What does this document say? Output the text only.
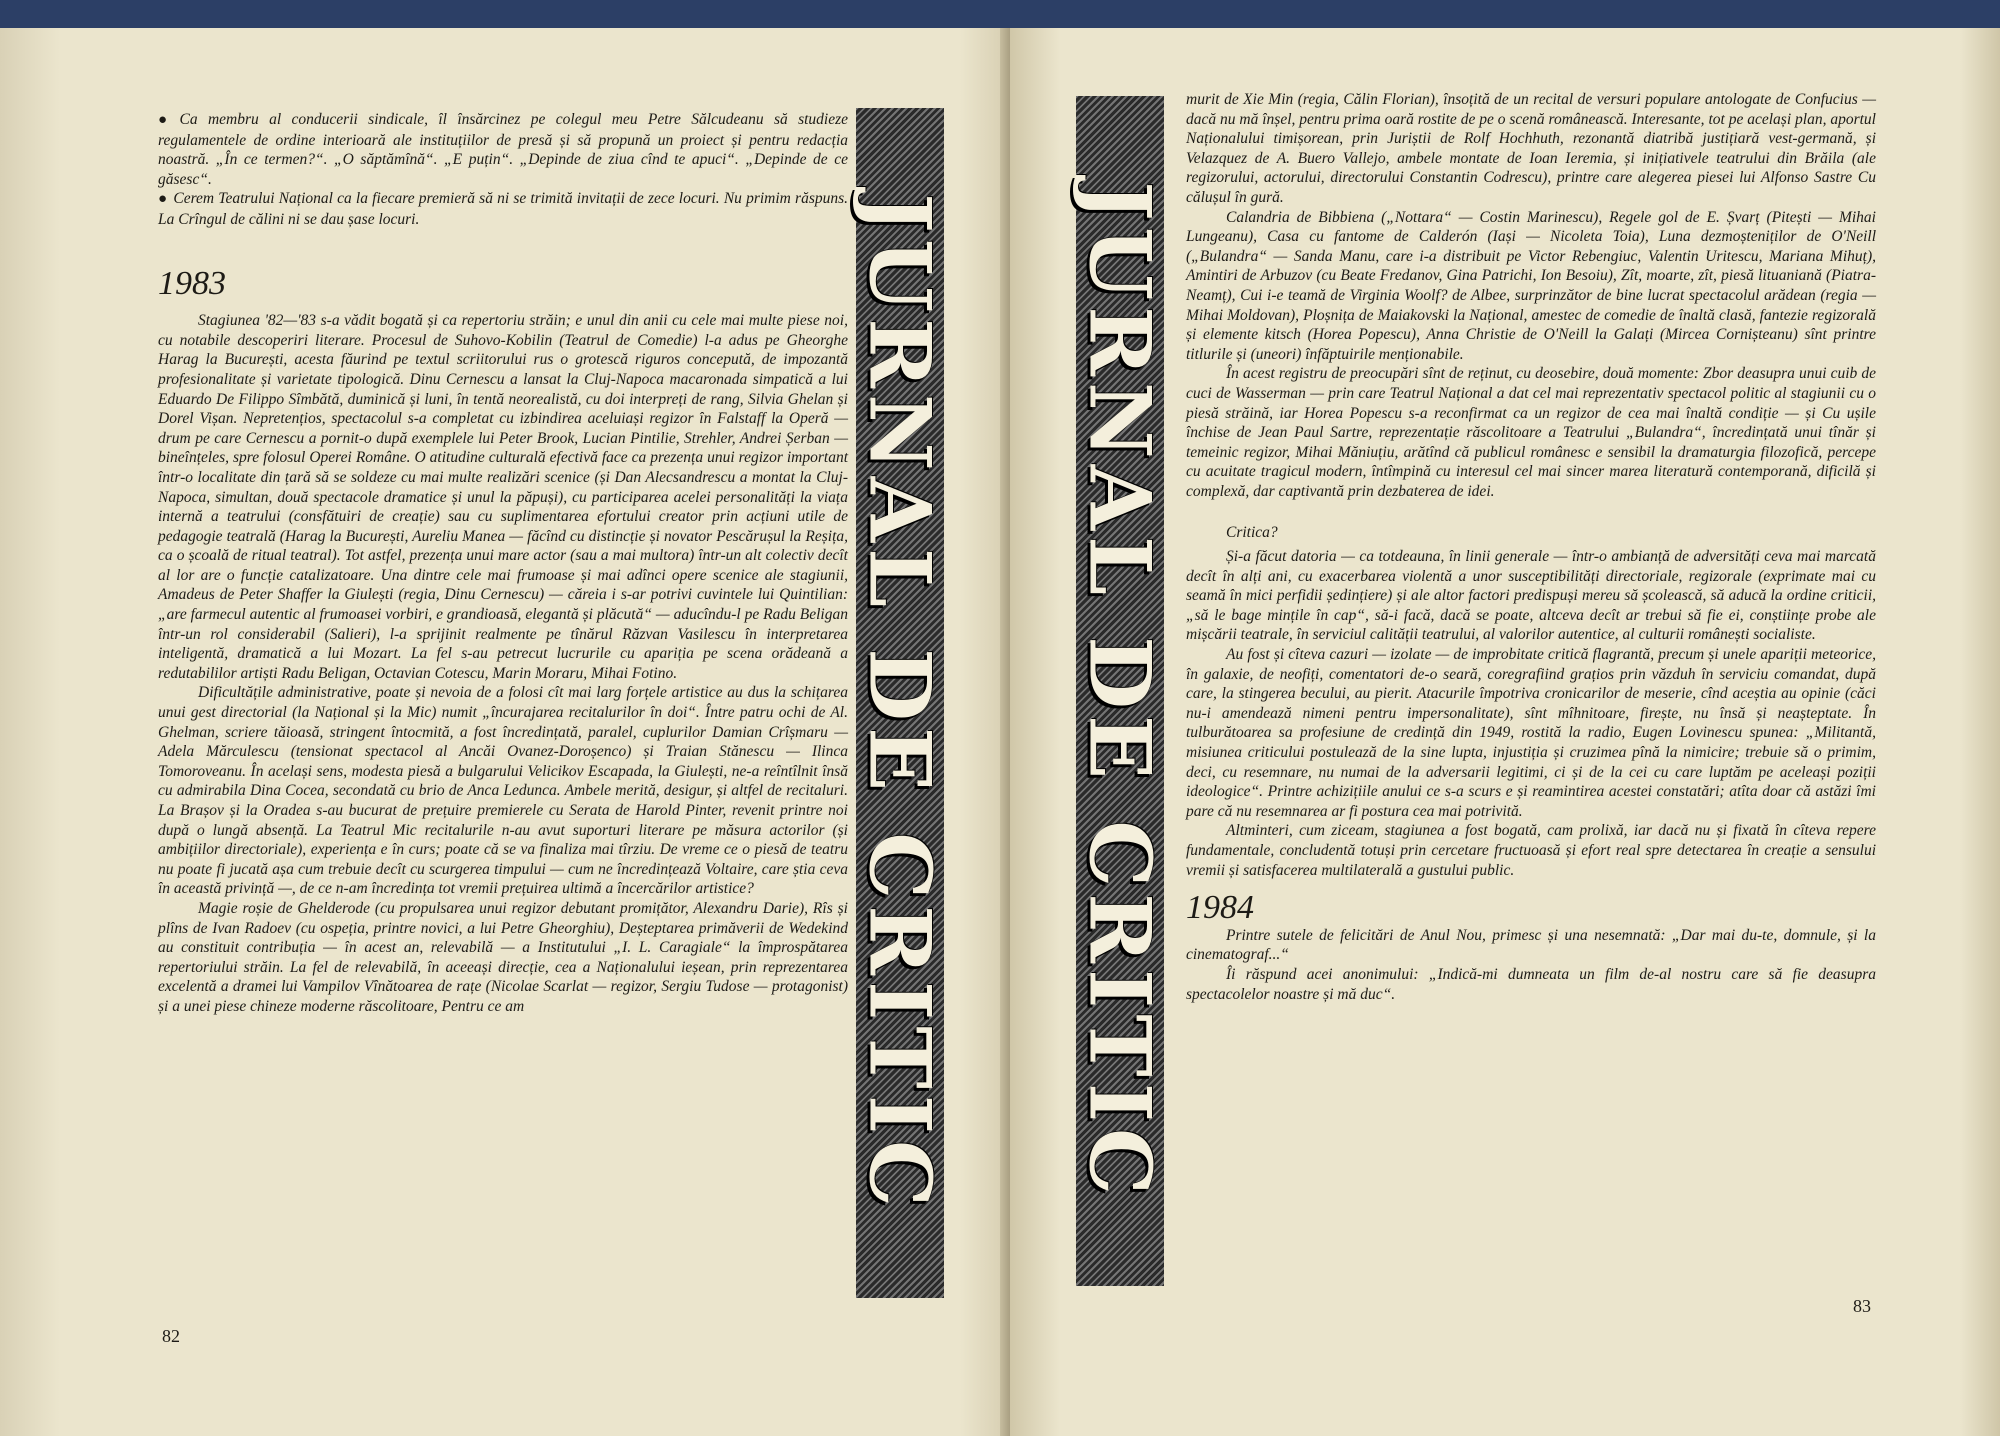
● Ca membru al conducerii sindicale, îl însărcinez pe colegul meu Petre Sălcudeanu să studieze regulamentele de ordine interioară ale instituțiilor de presă și să propună un proiect și pentru redacția noastră. „În ce termen?“. „O săptămînă“. „E puțin“. „Depinde de ziua cînd te apuci“. „Depinde de ce găsesc“.

● Cerem Teatrului Național ca la fiecare premieră să ni se trimită invitații de zece locuri. Nu primim răspuns. La Crîngul de călini ni se dau șase locuri.

1983

Stagiunea '82—'83 s-a vădit bogată și ca repertoriu străin; e unul din anii cu cele mai multe piese noi, cu notabile descoperiri literare. Procesul de Suhovo-Kobilin (Teatrul de Comedie) l-a adus pe Gheorghe Harag la București, acesta făurind pe textul scriitorului rus o grotescă riguros concepută, de impozantă profesionalitate și varietate tipologică. Dinu Cernescu a lansat la Cluj-Napoca macaronada simpatică a lui Eduardo De Filippo Sîmbătă, duminică și luni, în tentă neorealistă, cu doi interpreți de rang, Silvia Ghelan și Dorel Vișan. Nepretențios, spectacolul s-a completat cu izbindirea aceluiași regizor în Falstaff la Operă — drum pe care Cernescu a pornit-o după exemplele lui Peter Brook, Lucian Pintilie, Strehler, Andrei Șerban — bineînțeles, spre folosul Operei Române. O atitudine culturală efectivă face ca prezența unui regizor important într-o localitate din țară să se soldeze cu mai multe realizări scenice (și Dan Alecsandrescu a montat la Cluj-Napoca, simultan, două spectacole dramatice și unul la păpuși), cu participarea acelei personalități la viața internă a teatrului (consfătuiri de creație) sau cu suplimentarea efortului creator prin acțiuni utile de pedagogie teatrală (Harag la București, Aureliu Manea — făcînd cu distincție și novator Pescărușul la Reșița, ca o școală de ritual teatral). Tot astfel, prezența unui mare actor (sau a mai multora) într-un alt colectiv decît al lor are o funcție catalizatoare. Una dintre cele mai frumoase și mai adînci opere scenice ale stagiunii, Amadeus de Peter Shaffer la Giulești (regia, Dinu Cernescu) — căreia i s-ar potrivi cuvintele lui Quintilian: „are farmecul autentic al frumoasei vorbiri, e grandioasă, elegantă și plăcută“ — aducîndu-l pe Radu Beligan într-un rol considerabil (Salieri), l-a sprijinit realmente pe tînărul Răzvan Vasilescu în interpretarea inteligentă, dramatică a lui Mozart. La fel s-au petrecut lucrurile cu apariția pe scena orădeană a redutabililor artiști Radu Beligan, Octavian Cotescu, Marin Moraru, Mihai Fotino.

Dificultățile administrative, poate și nevoia de a folosi cît mai larg forțele artistice au dus la schițarea unui gest directorial (la Național și la Mic) numit „încurajarea recitalurilor în doi“. Între patru ochi de Al. Ghelman, scriere tăioasă, stringent întocmită, a fost încredințată, paralel, cuplurilor Damian Crîșmaru — Adela Mărculescu (tensionat spectacol al Ancăi Ovanez-Doroșenco) și Traian Stănescu — Ilinca Tomoroveanu. În același sens, modesta piesă a bulgarului Velicikov Escapada, la Giulești, ne-a reîntîlnit însă cu admirabila Dina Cocea, secondată cu brio de Anca Ledunca. Ambele merită, desigur, și altfel de recitaluri. La Brașov și la Oradea s-au bucurat de prețuire premierele cu Serata de Harold Pinter, revenit printre noi după o lungă absență. La Teatrul Mic recitalurile n-au avut suporturi literare pe măsura actorilor (și ambițiilor directoriale), experiența e în curs; poate că se va finaliza mai tîrziu. De vreme ce o piesă de teatru nu poate fi jucată așa cum trebuie decît cu scurgerea timpului — cum ne încredințează Voltaire, care știa ceva în această privință —, de ce n-am încredința tot vremii prețuirea ultimă a încercărilor artistice?

Magie roșie de Ghelderode (cu propulsarea unui regizor debutant promițător, Alexandru Darie), Rîs și plîns de Ivan Radoev (cu ospeția, printre novici, a lui Petre Gheorghiu), Deșteptarea primăverii de Wedekind au constituit contribuția — în acest an, relevabilă — a Institutului „I. L. Caragiale“ la împrospătarea repertoriului străin. La fel de relevabilă, în aceeași direcție, cea a Naționalului ieșean, prin reprezentarea excelentă a dramei lui Vampilov Vînătoarea de rațe (Nicolae Scarlat — regizor, Sergiu Tudose — protagonist) și a unei piese chineze moderne răscolitoare, Pentru ce am	JURNAL DE CRITIC
82
JURNAL DE CRITIC

murit de Xie Min (regia, Călin Florian), însoțită de un recital de versuri populare antologate de Confucius — dacă nu mă înșel, pentru prima oară rostite de pe o scenă românească. Interesante, tot pe același plan, aportul Naționalului timișorean, prin Juriștii de Rolf Hochhuth, rezonantă diatribă justițiară vest-germană, și Velazquez de A. Buero Vallejo, ambele montate de Ioan Ieremia, și inițiativele teatrului din Brăila (ale regizorului, actorului, directorului Constantin Codrescu), printre care alegerea piesei lui Alfonso Sastre Cu călușul în gură.

Calandria de Bibbiena („Nottara“ — Costin Marinescu), Regele gol de E. Șvarț (Pitești — Mihai Lungeanu), Casa cu fantome de Calderón (Iași — Nicoleta Toia), Luna dezmoșteniților de O'Neill („Bulandra“ — Sanda Manu, care i-a distribuit pe Victor Rebengiuc, Valentin Uritescu, Mariana Mihuț), Amintiri de Arbuzov (cu Beate Fredanov, Gina Patrichi, Ion Besoiu), Zît, moarte, zît, piesă lituaniană (Piatra-Neamț), Cui i-e teamă de Virginia Woolf? de Albee, surprinzător de bine lucrat spectacolul arădean (regia — Mihai Moldovan), Ploșnița de Maiakovski la Național, amestec de comedie de înaltă clasă, fantezie regizorală și elemente kitsch (Horea Popescu), Anna Christie de O'Neill la Galați (Mircea Cornișteanu) sînt printre titlurile și (uneori) înfăptuirile menționabile.

În acest registru de preocupări sînt de reținut, cu deosebire, două momente: Zbor deasupra unui cuib de cuci de Wasserman — prin care Teatrul Național a dat cel mai reprezentativ spectacol politic al stagiunii cu o piesă străină, iar Horea Popescu s-a reconfirmat ca un regizor de cea mai înaltă condiție — și Cu ușile închise de Jean Paul Sartre, reprezentație răscolitoare a Teatrului „Bulandra“, încredințată unui tînăr și temeinic regizor, Mihai Măniuțiu, arătînd că publicul românesc e sensibil la dramaturgia filozofică, percepe cu acuitate tragicul modern, întîmpină cu interesul cel mai sincer marea literatură contemporană, dificilă și complexă, dar captivantă prin dezbaterea de idei.

Critica?

Și-a făcut datoria — ca totdeauna, în linii generale — într-o ambianță de adversități ceva mai marcată decît în alți ani, cu exacerbarea violentă a unor susceptibilități directoriale, regizorale (exprimate mai cu seamă în mici perfidii ședințiere) și ale altor factori predispuși mereu să școlească, să aducă la ordine criticii, „să le bage mințile în cap“, să-i facă, dacă se poate, altceva decît ar trebui să fie ei, conștiințe probe ale mișcării teatrale, în serviciul calității teatrului, al valorilor autentice, al culturii românești socialiste.

Au fost și cîteva cazuri — izolate — de improbitate critică flagrantă, precum și unele apariții meteorice, în galaxie, de neofiți, comentatori de-o seară, coregrafiind grațios prin văzduh în serviciu comandat, după care, la stingerea becului, au pierit. Atacurile împotriva cronicarilor de meserie, cînd aceștia au opinie (căci nu-i amendează nimeni pentru impersonalitate), sînt mîhnitoare, firește, nu însă și neașteptate. În tulburătoarea sa profesiune de credință din 1949, rostită la radio, Eugen Lovinescu spunea: „Militantă, misiunea criticului postulează de la sine lupta, injustiția și cruzimea pînă la nimicire; trebuie să o primim, deci, cu resemnare, nu numai de la adversarii legitimi, ci și de la cei cu care luptăm pe aceleași poziții ideologice“. Printre achizițiile anului ce s-a scurs e și reamintirea acestei constatări; atîta doar că astăzi îmi pare că nu resemnarea ar fi postura cea mai potrivită.

Altminteri, cum ziceam, stagiunea a fost bogată, cam prolixă, iar dacă nu și fixată în cîteva repere fundamentale, concludentă totuși prin cercetare fructuoasă și efort real spre detectarea în creație a sensului vremii și satisfacerea multilaterală a gustului public.

1984

Printre sutele de felicitări de Anul Nou, primesc și una nesemnată: „Dar mai du-te, domnule, și la cinematograf...“

Îi răspund acei anonimului: „Indică-mi dumneata un film de-al nostru care să fie deasupra spectacolelor noastre și mă duc“.

83
